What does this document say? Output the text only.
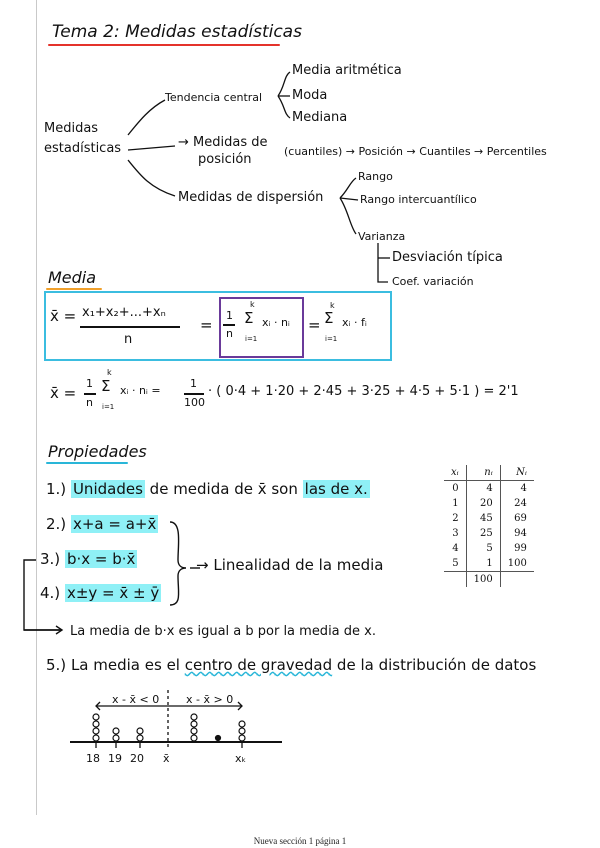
Tema 2: Medidas estadísticas
Medidas
estadísticas
Tendencia central
Media aritmética
Moda
Mediana
→ Medidas de
posición
(cuantiles) → Posición → Cuantiles → Percentiles
Medidas de dispersión
Rango
Rango intercuantílico
Varianza
Desviación típica
Coef. variación
Media
x̄ = x₁+x₂+...+xₙ
n
=
1
n
k
Σ
i=1
xᵢ · nᵢ =
k
Σ
i=1
xᵢ · fᵢ
x̄ =
1
n
k
Σ
i=1
xᵢ · nᵢ =
1
100
· ( 0·4 + 1·20 + 2·45 + 3·25 + 4·5 + 5·1 ) = 2'1
Propiedades
1.) Unidades de medida de x̄ son las de x.
2.) x+a = a+x̄
3.) b·x = b·x̄
4.) x±y = x̄ ± ȳ
→ Linealidad de la media
La media de b·x es igual a b por la media de x.
5.) La media es el centro de gravedad de la distribución de datos
x - x̄ < 0 x - x̄ > 0
18 19 20 x̄	xₖ
xᵢ	nᵢ	Nᵢ
0	4	4
1	20	24
2	45	69
3	25	94
4	5	99
5	1	100
	100	
Nueva sección 1 página 1
